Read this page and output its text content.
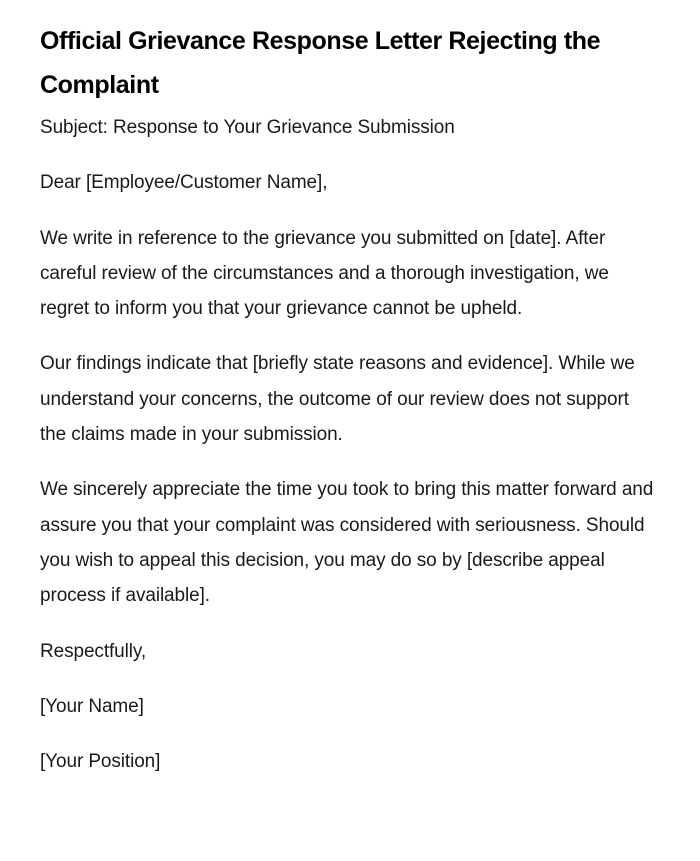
Official Grievance Response Letter Rejecting the Complaint

Subject: Response to Your Grievance Submission

Dear [Employee/Customer Name],

We write in reference to the grievance you submitted on [date]. After careful review of the circumstances and a thorough investigation, we regret to inform you that your grievance cannot be upheld.

Our findings indicate that [briefly state reasons and evidence]. While we understand your concerns, the outcome of our review does not support the claims made in your submission.

We sincerely appreciate the time you took to bring this matter forward and assure you that your complaint was considered with seriousness. Should you wish to appeal this decision, you may do so by [describe appeal process if available].

Respectfully,

[Your Name]

[Your Position]
